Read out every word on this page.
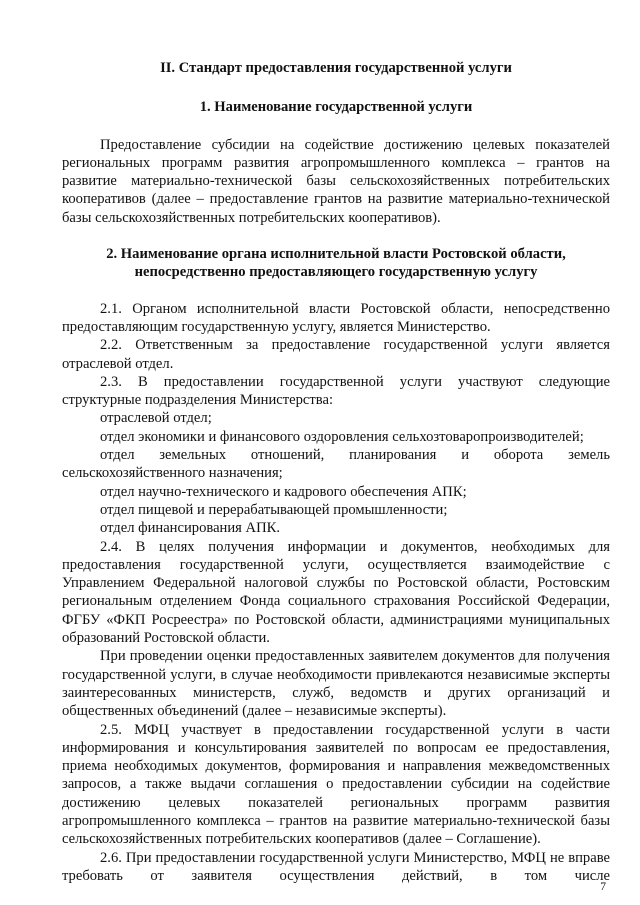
II. Стандарт предоставления государственной услуги

1. Наименование государственной услуги

Предоставление субсидии на содействие достижению целевых показателей региональных программ развития агропромышленного комплекса – грантов на развитие материально-технической базы сельскохозяйственных потребительских кооперативов (далее – предоставление грантов на развитие материально-технической базы сельскохозяйственных потребительских кооперативов).

2. Наименование органа исполнительной власти Ростовской области,
непосредственно предоставляющего государственную услугу

2.1. Органом исполнительной власти Ростовской области, непосредственно предоставляющим государственную услугу, является Министерство.

2.2. Ответственным за предоставление государственной услуги является отраслевой отдел.

2.3. В предоставлении государственной услуги участвуют следующие структурные подразделения Министерства:

отраслевой отдел;

отдел экономики и финансового оздоровления сельхозтоваропроизводителей;

отдел земельных отношений, планирования и оборота земель сельскохозяйственного назначения;

отдел научно-технического и кадрового обеспечения АПК;

отдел пищевой и перерабатывающей промышленности;

отдел финансирования АПК.

2.4. В целях получения информации и документов, необходимых для предоставления государственной услуги, осуществляется взаимодействие с Управлением Федеральной налоговой службы по Ростовской области, Ростовским региональным отделением Фонда социального страхования Российской Федерации, ФГБУ «ФКП Росреестра» по Ростовской области, администрациями муниципальных образований Ростовской области.

При проведении оценки предоставленных заявителем документов для получения государственной услуги, в случае необходимости привлекаются независимые эксперты заинтересованных министерств, служб, ведомств и других организаций и общественных объединений (далее – независимые эксперты).

2.5. МФЦ участвует в предоставлении государственной услуги в части информирования и консультирования заявителей по вопросам ее предоставления, приема необходимых документов, формирования и направления межведомственных запросов, а также выдачи соглашения о предоставлении субсидии на содействие достижению целевых показателей региональных программ развития агропромышленного комплекса – грантов на развитие материально-технической базы сельскохозяйственных потребительских кооперативов (далее – Соглашение).

2.6. При предоставлении государственной услуги Министерство, МФЦ не вправе требовать от заявителя осуществления действий, в том числе

7
